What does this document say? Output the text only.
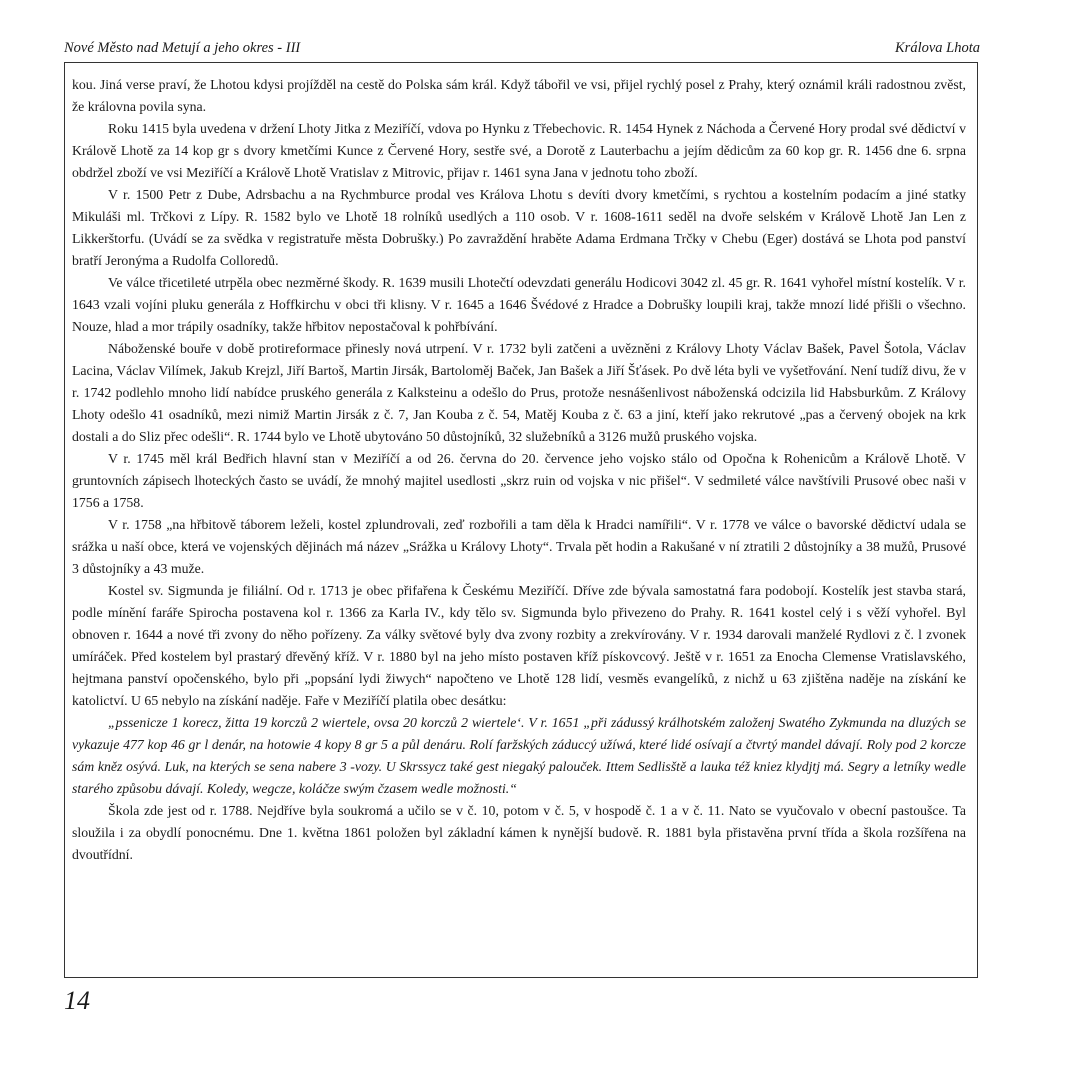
Nové Město nad Metují a jeho okres - III	Králova Lhota

kou. Jiná verse praví, že Lhotou kdysi projížděl na cestě do Polska sám král. Když tábořil ve vsi, přijel rychlý posel z Prahy, který oznámil králi radostnou zvěst, že královna povila syna.

Roku 1415 byla uvedena v držení Lhoty Jitka z Meziříčí, vdova po Hynku z Třebechovic. R. 1454 Hynek z Náchoda a Červené Hory prodal své dědictví v Králově Lhotě za 14 kop gr s dvory kmetčími Kunce z Červené Hory, sestře své, a Dorotě z Lauterbachu a jejím dědicům za 60 kop gr. R. 1456 dne 6. srpna obdržel zboží ve vsi Meziříčí a Králově Lhotě Vratislav z Mitrovic, přijav r. 1461 syna Jana v jednotu toho zboží.

V r. 1500 Petr z Dube, Adrsbachu a na Rychmburce prodal ves Králova Lhotu s devíti dvory kmetčími, s rychtou a kostelním podacím a jiné statky Mikuláši ml. Trčkovi z Lípy. R. 1582 bylo ve Lhotě 18 rolníků usedlých a 110 osob. V r. 1608-1611 seděl na dvoře selském v Králově Lhotě Jan Len z Likkerštorfu. (Uvádí se za svědka v registratuře města Dobrušky.) Po zavraždění hraběte Adama Erdmana Trčky v Chebu (Eger) dostává se Lhota pod panství bratří Jeronýma a Rudolfa Colloredů.

Ve válce třicetileté utrpěla obec nezměrné škody. R. 1639 musili Lhotečtí odevzdati generálu Hodicovi 3042 zl. 45 gr. R. 1641 vyhořel místní kostelík. V r. 1643 vzali vojíni pluku generála z Hoffkirchu v obci tři klisny. V r. 1645 a 1646 Švédové z Hradce a Dobrušky loupili kraj, takže mnozí lidé přišli o všechno. Nouze, hlad a mor trápily osadníky, takže hřbitov nepostačoval k pohřbívání.

Náboženské bouře v době protireformace přinesly nová utrpení. V r. 1732 byli zatčeni a uvězněni z Královy Lhoty Václav Bašek, Pavel Šotola, Václav Lacina, Václav Vilímek, Jakub Krejzl, Jiří Bartoš, Martin Jirsák, Bartoloměj Baček, Jan Bašek a Jiří Šťásek. Po dvě léta byli ve vyšetřování. Není tudíž divu, že v r. 1742 podlehlo mnoho lidí nabídce pruského generála z Kalksteinu a odešlo do Prus, protože nesnášenlivost náboženská odcizila lid Habsburkům. Z Královy Lhoty odešlo 41 osadníků, mezi nimiž Martin Jirsák z č. 7, Jan Kouba z č. 54, Matěj Kouba z č. 63 a jiní, kteří jako rekrutové „pas a červený obojek na krk dostali a do Sliz přec odešli“. R. 1744 bylo ve Lhotě ubytováno 50 důstojníků, 32 služebníků a 3126 mužů pruského vojska.

V r. 1745 měl král Bedřich hlavní stan v Meziříčí a od 26. června do 20. července jeho vojsko stálo od Opočna k Rohenicům a Králově Lhotě. V gruntovních zápisech lhoteckých často se uvádí, že mnohý majitel usedlosti „skrz ruin od vojska v nic přišel“. V sedmileté válce navštívili Prusové obec naši v 1756 a 1758.

V r. 1758 „na hřbitově táborem leželi, kostel zplundrovali, zeď rozbořili a tam děla k Hradci namířili“. V r. 1778 ve válce o bavorské dědictví udala se srážka u naší obce, která ve vojenských dějinách má název „Srážka u Královy Lhoty“. Trvala pět hodin a Rakušané v ní ztratili 2 důstojníky a 38 mužů, Prusové 3 důstojníky a 43 muže.

Kostel sv. Sigmunda je filiální. Od r. 1713 je obec přifařena k Českému Meziříčí. Dříve zde bývala samostatná fara podobojí. Kostelík jest stavba stará, podle mínění faráře Spirocha postavena kol r. 1366 za Karla IV., kdy tělo sv. Sigmunda bylo přivezeno do Prahy. R. 1641 kostel celý i s věží vyhořel. Byl obnoven r. 1644 a nové tři zvony do něho pořízeny. Za války světové byly dva zvony rozbity a zrekvírovány. V r. 1934 darovali manželé Rydlovi z č. l zvonek umíráček. Před kostelem byl prastarý dřevěný kříž. V r. 1880 byl na jeho místo postaven kříž pískovcový. Ještě v r. 1651 za Enocha Clemense Vratislavského, hejtmana panství opočenského, bylo při „popsání lydi žiwych“ napočteno ve Lhotě 128 lidí, vesměs evangelíků, z nichž u 63 zjištěna naděje na získání ke katolictví. U 65 nebylo na získání naděje. Faře v Meziříčí platila obec desátku:

„pssenicze 1 korecz, žitta 19 korczů 2 wiertele, ovsa 20 korczů 2 wiertele‘. V r. 1651 „při zádussý králhotském založenj Swatého Zykmunda na dluzých se vykazuje 477 kop 46 gr l denár, na hotowie 4 kopy 8 gr 5 a půl denáru. Rolí faržských záduссý užíwá, které lidé osívají a čtvrtý mandel dávají. Roly pod 2 korcze sám kněz osývá. Luk, na kterých se sena nabere 3 -vozy. U Skrssycz také gest niegaký palouček. Ittem Sedlisště a lauka též kniez klydjtj má. Segry a letníky wedle starého způsobu dávají. Koledy, wegcze, koláčze swým čzasem wedle možnosti.“

Škola zde jest od r. 1788. Nejdříve byla soukromá a učilo se v č. 10, potom v č. 5, v hospodě č. 1 a v č. 11. Nato se vyučovalo v obecní pastoušce. Ta sloužila i za obydlí ponocnému. Dne 1. května 1861 položen byl základní kámen k nynější budově. R. 1881 byla přistavěna první třída a škola rozšířena na dvoutřídní.

14
